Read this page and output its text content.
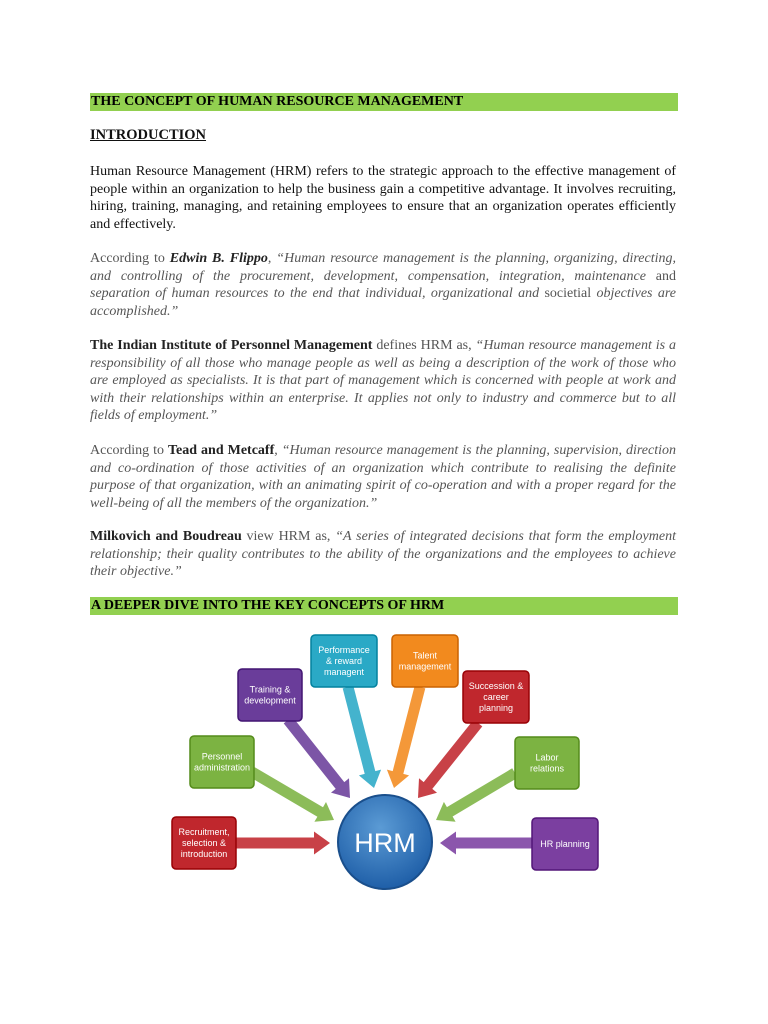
THE CONCEPT OF HUMAN RESOURCE MANAGEMENT
INTRODUCTION

Human Resource Management (HRM) refers to the strategic approach to the effective management of people within an organization to help the business gain a competitive advantage. It involves recruiting, hiring, training, managing, and retaining employees to ensure that an organization operates efficiently and effectively.

According to Edwin B. Flippo, “Human resource management is the planning, organizing, directing, and controlling of the procurement, development, compensation, integration, maintenance and separation of human resources to the end that individual, organizational and societial objectives are accomplished.”

The Indian Institute of Personnel Management defines HRM as, “Human resource management is a responsibility of all those who manage people as well as being a description of the work of those who are employed as specialists. It is that part of management which is concerned with people at work and with their relationships within an enterprise. It applies not only to industry and commerce but to all fields of employment.”

According to Tead and Metcaff, “Human resource management is the planning, supervision, direction and co-ordination of those activities of an organization which contribute to realising the definite purpose of that organization, with an animating spirit of co-operation and with a proper regard for the well-being of all the members of the organization.”

Milkovich and Boudreau view HRM as, “A series of integrated decisions that form the employment relationship; their quality contributes to the ability of the organizations and the employees to achieve their objective.”

A DEEPER DIVE INTO THE KEY CONCEPTS OF HRM
Recruitment,
selection &
introduction
Personnel
administration
Training &
development
Performance
& reward
managent
Talent
management
Succession &
career
planning
Labor
relations
HR planning
HRM
